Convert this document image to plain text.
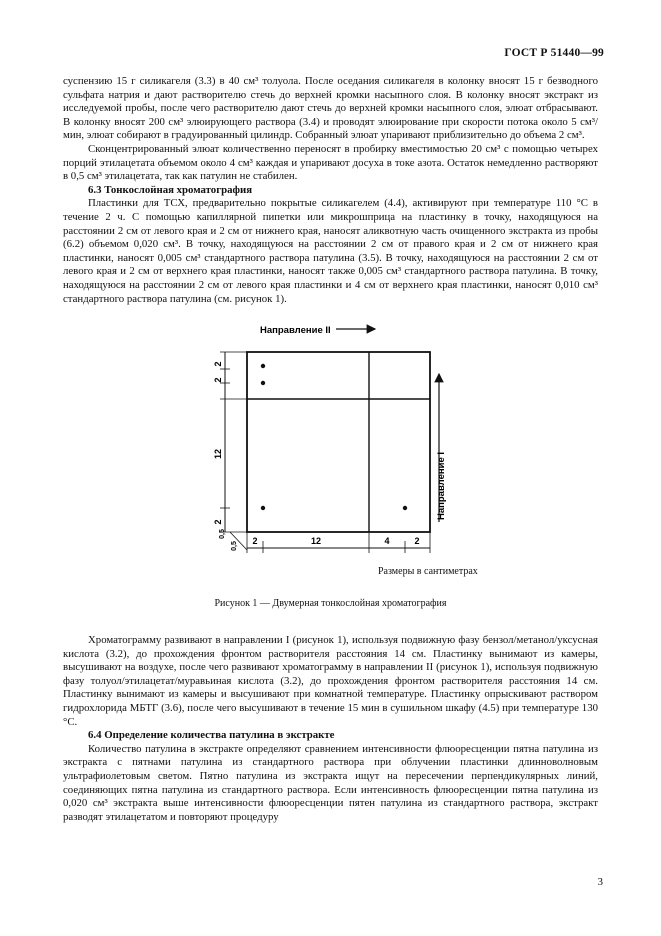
ГОСТ Р 51440—99

суспензию 15 г силикагеля (3.3) в 40 см³ толуола. После оседания силикагеля в колонку вносят 15 г безводного сульфата натрия и дают растворителю стечь до верхней кромки насыпного слоя. В колонку вносят экстракт из исследуемой пробы, после чего растворителю дают стечь до верхней кромки насыпного слоя, элюат отбрасывают. В колонку вносят 200 см³ элюирующего раствора (3.4) и проводят элюирование при скорости потока около 5 см³/мин, элюат собирают в градуированный цилиндр. Собранный элюат упаривают приблизительно до объема 2 см³.

Сконцентрированный элюат количественно переносят в пробирку вместимостью 20 см³ с помощью четырех порций этилацетата объемом около 4 см³ каждая и упаривают досуха в токе азота. Остаток немедленно растворяют в 0,5 см³ этилацетата, так как патулин не стабилен.

6.3 Тонкослойная хроматография

Пластинки для ТСХ, предварительно покрытые силикагелем (4.4), активируют при температуре 110 °С в течение 2 ч. С помощью капиллярной пипетки или микрошприца на пластинку в точку, находящуюся на расстоянии 2 см от левого края и 2 см от нижнего края, наносят аликвотную часть очищенного экстракта из пробы (6.2) объемом 0,020 см³. В точку, находящуюся на расстоянии 2 см от правого края и 2 см от нижнего края пластинки, наносят 0,005 см³ стандартного раствора патулина (3.5). В точку, находящуюся на расстоянии 2 см от левого края и 2 см от верхнего края пластинки, наносят также 0,005 см³ стандартного раствора патулина. В точку, находящуюся на расстоянии 2 см от левого края пластинки и 4 см от верхнего края пластинки, наносят 0,010 см³ стандартного раствора патулина (см. рисунок 1).

Направление II
2
2
12
2
0,5
0,5 2	12	4	2
Направление I
Размеры в сантиметрах
Рисунок 1 — Двумерная тонкослойная хроматография

Хроматограмму развивают в направлении I (рисунок 1), используя подвижную фазу бензол/метанол/уксусная кислота (3.2), до прохождения фронтом растворителя расстояния 14 см. Пластинку вынимают из камеры, высушивают на воздухе, после чего развивают хроматограмму в направлении II (рисунок 1), используя подвижную фазу толуол/этилацетат/муравьиная кислота (3.2), до прохождения фронтом растворителя расстояния 14 см. Пластинку вынимают из камеры и высушивают при комнатной температуре. Пластинку опрыскивают раствором гидрохлорида МБТГ (3.6), после чего высушивают в течение 15 мин в сушильном шкафу (4.5) при температуре 130 °С.

6.4 Определение количества патулина в экстракте

Количество патулина в экстракте определяют сравнением интенсивности флюоресценции пятна патулина из экстракта с пятнами патулина из стандартного раствора при облучении пластинки длинноволновым ультрафиолетовым светом. Пятно патулина из экстракта ищут на пересечении перпендикулярных линий, соединяющих пятна патулина из стандартного раствора. Если интенсивность флюоресценции пятна патулина из 0,020 см³ экстракта выше интенсивности флюоресценции пятен патулина из стандартного раствора, экстракт разводят этилацетатом и повторяют процедуру

3
